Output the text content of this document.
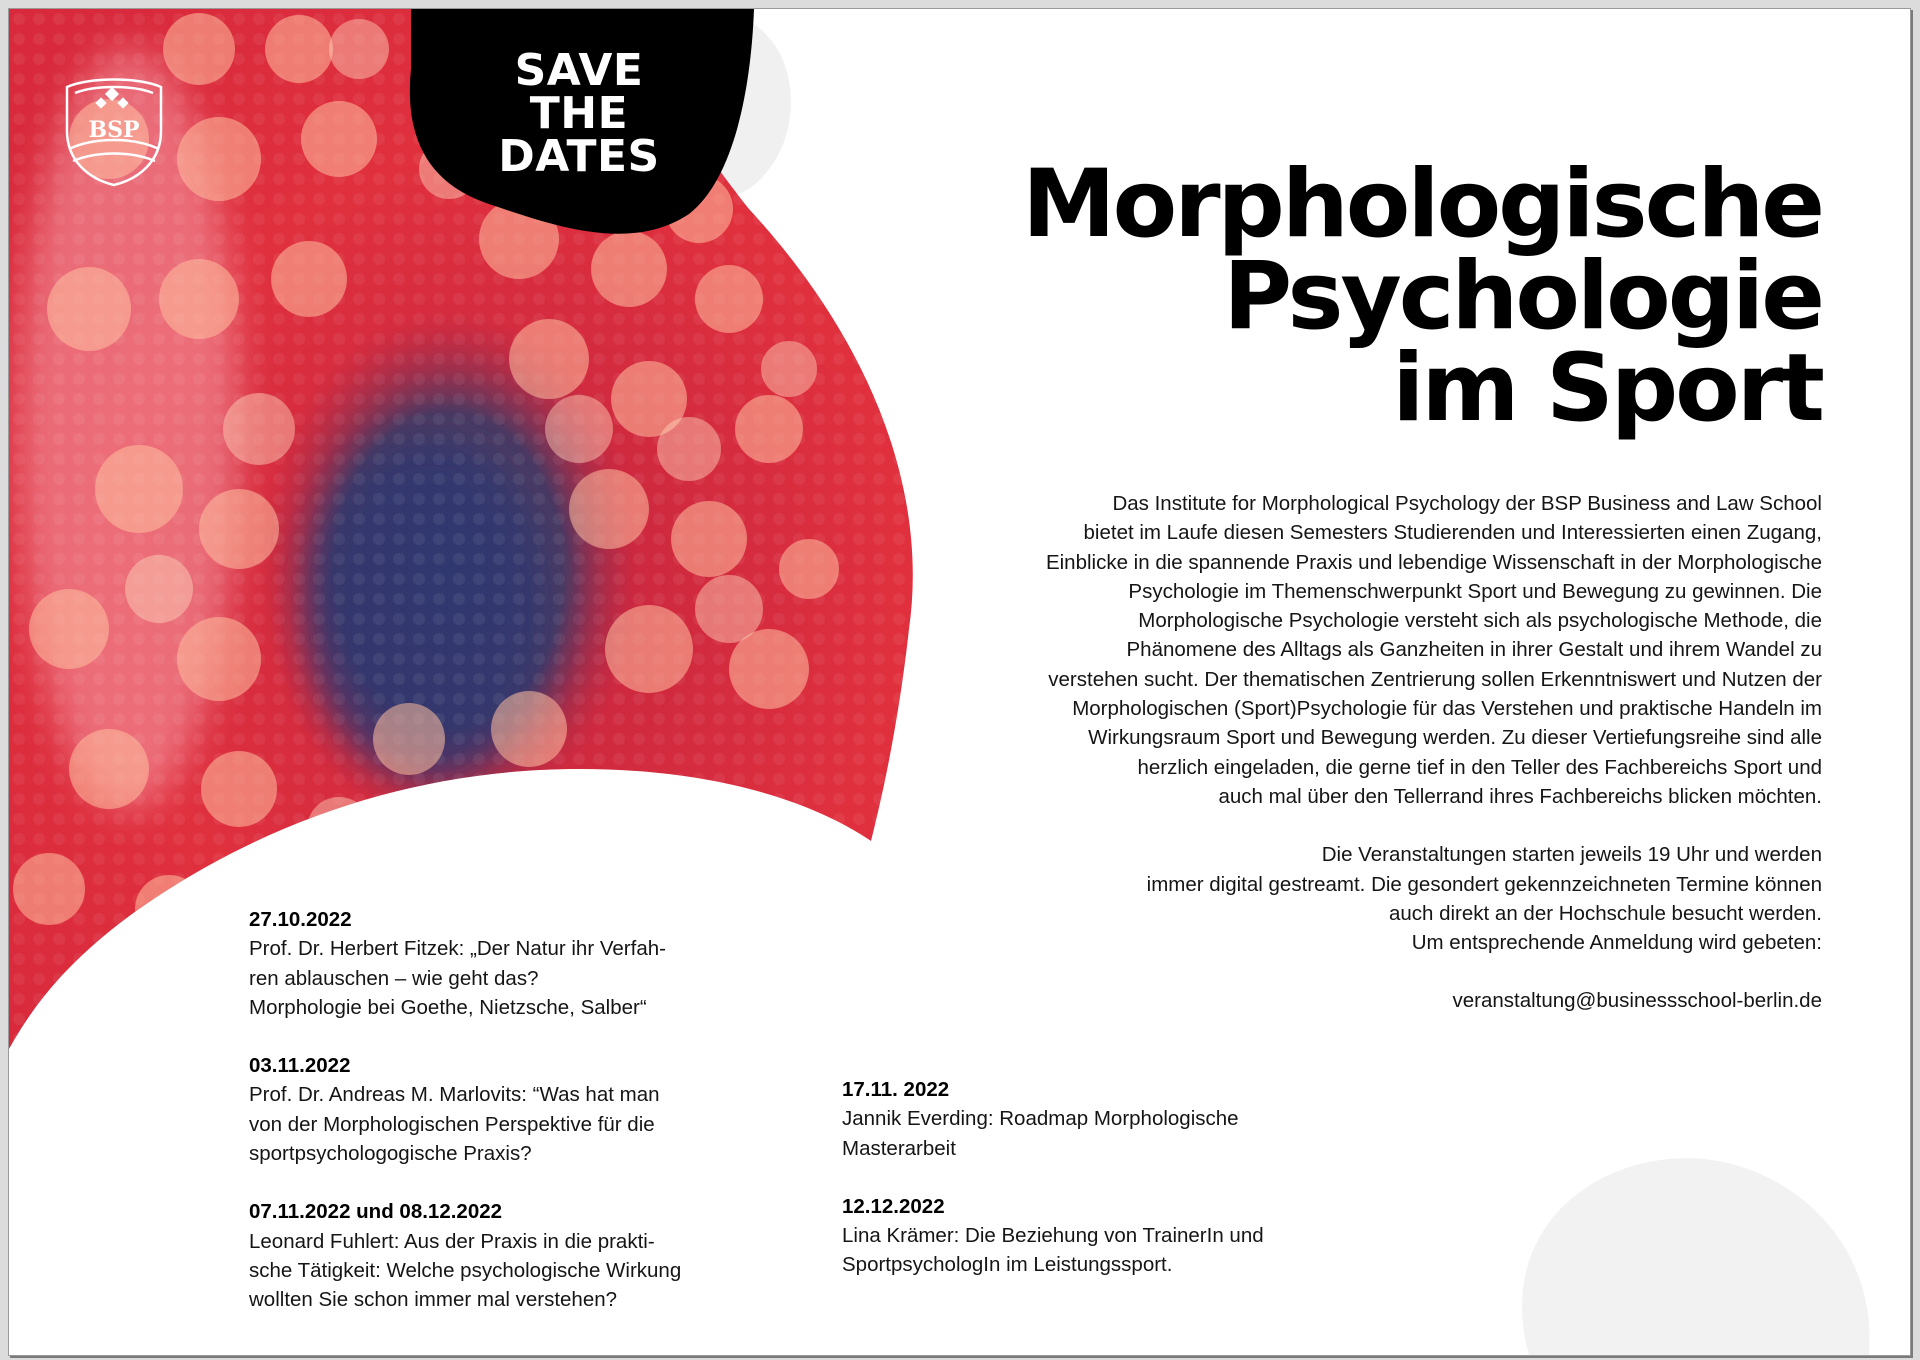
BSP
SAVE
THE
DATES	Morphologische
Psychologie
im Sport

Das Institute for Morphological Psychology der BSP Business and Law School
bietet im Laufe diesen Semesters Studierenden und Interessierten einen Zugang,
Einblicke in die spannende Praxis und lebendige Wissenschaft in der Morphologische
Psychologie im Themenschwerpunkt Sport und Bewegung zu gewinnen. Die
Morphologische Psychologie versteht sich als psychologische Methode, die
Phänomene des Alltags als Ganzheiten in ihrer Gestalt und ihrem Wandel zu
verstehen sucht. Der thematischen Zentrierung sollen Erkenntniswert und Nutzen der
Morphologischen (Sport)Psychologie für das Verstehen und praktische Handeln im
Wirkungsraum Sport und Bewegung werden. Zu dieser Vertiefungsreihe sind alle
herzlich eingeladen, die gerne tief in den Teller des Fachbereichs Sport und
auch mal über den Tellerrand ihres Fachbereichs blicken möchten.

Die Veranstaltungen starten jeweils 19 Uhr und werden
immer digital gestreamt. Die gesondert gekennzeichneten Termine können
auch direkt an der Hochschule besucht werden.
Um entsprechende Anmeldung wird gebeten:

veranstaltung@businessschool-berlin.de
27.10.2022
Prof. Dr. Herbert Fitzek: „Der Natur ihr Verfah-
ren ablauschen – wie geht das?
Morphologie bei Goethe, Nietzsche, Salber“
03.11.2022
Prof. Dr. Andreas M. Marlovits: “Was hat man
von der Morphologischen Perspektive für die
sportpsychologogische Praxis?
07.11.2022 und 08.12.2022
Leonard Fuhlert: Aus der Praxis in die prakti-
sche Tätigkeit: Welche psychologische Wirkung
wollten Sie schon immer mal verstehen?
17.11. 2022
Jannik Everding: Roadmap Morphologische
Masterarbeit
12.12.2022
Lina Krämer: Die Beziehung von TrainerIn und
SportpsychologIn im Leistungssport.
